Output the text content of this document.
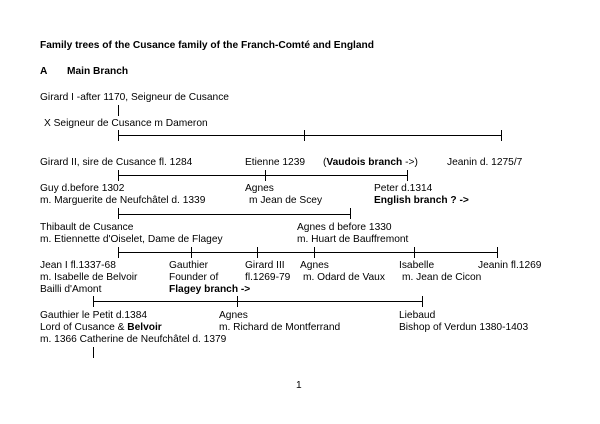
Family trees of the Cusance family of the Franch-Comté and England
A Main Branch
Girard I -after 1170, Seigneur de Cusance
X Seigneur de Cusance m Dameron
Girard II, sire de Cusance fl. 1284	Etienne 1239 (Vaudois branch ->)	Jeanin d. 1275/7
Guy d.before 1302
m. Marguerite de Neufchâtel d. 1339
Agnes
m Jean de Scey
Peter d.1314
English branch ? ->
Thibault de Cusance
m. Etiennette d'Oiselet, Dame de Flagey
Agnes d before 1330
m. Huart de Bauffremont
Jean I fl.1337-68
m. Isabelle de Belvoir
Bailli d'Amont
Gauthier
Founder of
Flagey branch ->
Girard III
fl.1269-79
Agnes
m. Odard de Vaux
Isabelle
m. Jean de Cicon
Jeanin fl.1269
Gauthier le Petit d.1384
Lord of Cusance & Belvoir
m. 1366 Catherine de Neufchâtel d. 1379
Agnes
m. Richard de Montferrand
Liebaud
Bishop of Verdun 1380-1403
1
